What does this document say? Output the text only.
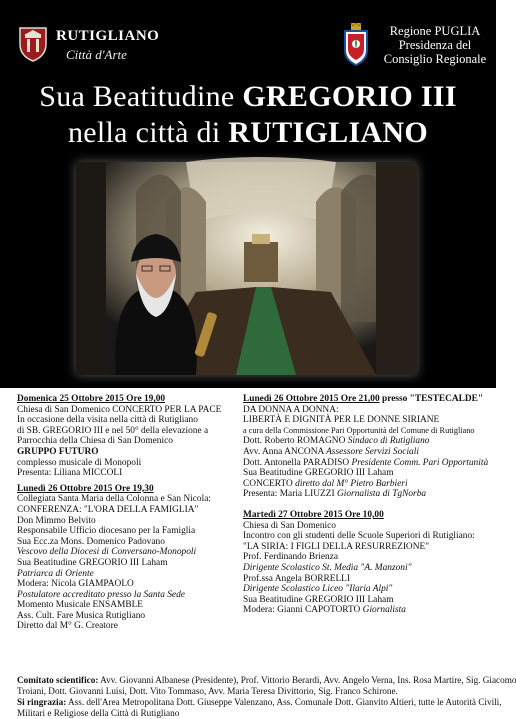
RUTIGLIANO
Città d'Arte
Regione PUGLIA
Presidenza del
Consiglio Regionale
Sua Beatitudine GREGORIO III
nella città di RUTIGLIANO

Domenica 25 Ottobre 2015 Ore 19,00

Chiesa di San Domenico CONCERTO PER LA PACE

In occasione della visita nella città di Rutigliano

di SB. GREGORIO III e nel 50° della elevazione a

Parrocchia della Chiesa di San Domenico

GRUPPO FUTURO

complesso musicale di Monopoli

Presenta: Liliana MICCOLI

Lunedì 26 Ottobre 2015 Ore 19,30

Collegiata Santa Maria della Colonna e San Nicola:

CONFERENZA: "L'ORA DELLA FAMIGLIA"

Don Mimmo Belvito

Responsabile Ufficio diocesano per la Famiglia

Sua Ecc.za Mons. Domenico Padovano

Vescovo della Diocesi di Conversano-Monopoli

Sua Beatitudine GREGORIO III Laham

Patriarca di Oriente

Modera: Nicola GIAMPAOLO

Postulatore accreditato presso la Santa Sede

Momento Musicale ENSAMBLE

Ass. Cult. Fare Musica Rutigliano

Diretto dal M° G. Creatore

Lunedì 26 Ottobre 2015 Ore 21,00 presso "TESTECALDE"

DA DONNA A DONNA:

LIBERTÀ E DIGNITÀ PER LE DONNE SIRIANE

a cura della Commissione Pari Opportunità del Comune di Rutigliano

Dott. Roberto ROMAGNO Sindaco di Rutigliano

Avv. Anna ANCONA Assessore Servizi Sociali

Dott. Antonella PARADISO Presidente Comm. Pari Opportunità

Sua Beatitudine GREGORIO III Laham

CONCERTO diretto dal M° Pietro Barbieri

Presenta: Maria LIUZZI Giornalista di TgNorba

Martedì 27 Ottobre 2015 Ore 10,00

Chiesa di San Domenico

Incontro con gli studenti delle Scuole Superiori di Rutigliano:

"LA SIRIA: I FIGLI DELLA RESURREZIONE"

Prof. Ferdinando Brienza

Dirigente Scolastico St. Media "A. Manzoni"

Prof.ssa Angela BORRELLI

Dirigente Scolastico Liceo "Ilaria Alpi"

Sua Beatitudine GREGORIO III Laham

Modera: Gianni CAPOTORTO Giornalista

Comitato scientifico: Avv. Giovanni Albanese (Presidente), Prof. Vittorio Berardi, Avv. Angelo Verna, Ins. Rosa Martire, Sig. Giacomo

Troiani, Dott. Giovanni Luisi, Dott. Vito Tommaso, Avv. Maria Teresa Divittorio, Sig. Franco Schirone.

Si ringrazia: Ass. dell'Area Metropolitana Dott. Giuseppe Valenzano, Ass. Comunale Dott. Gianvito Altieri, tutte le Autorità Civili,

Militari e Religiose della Città di Rutigliano
